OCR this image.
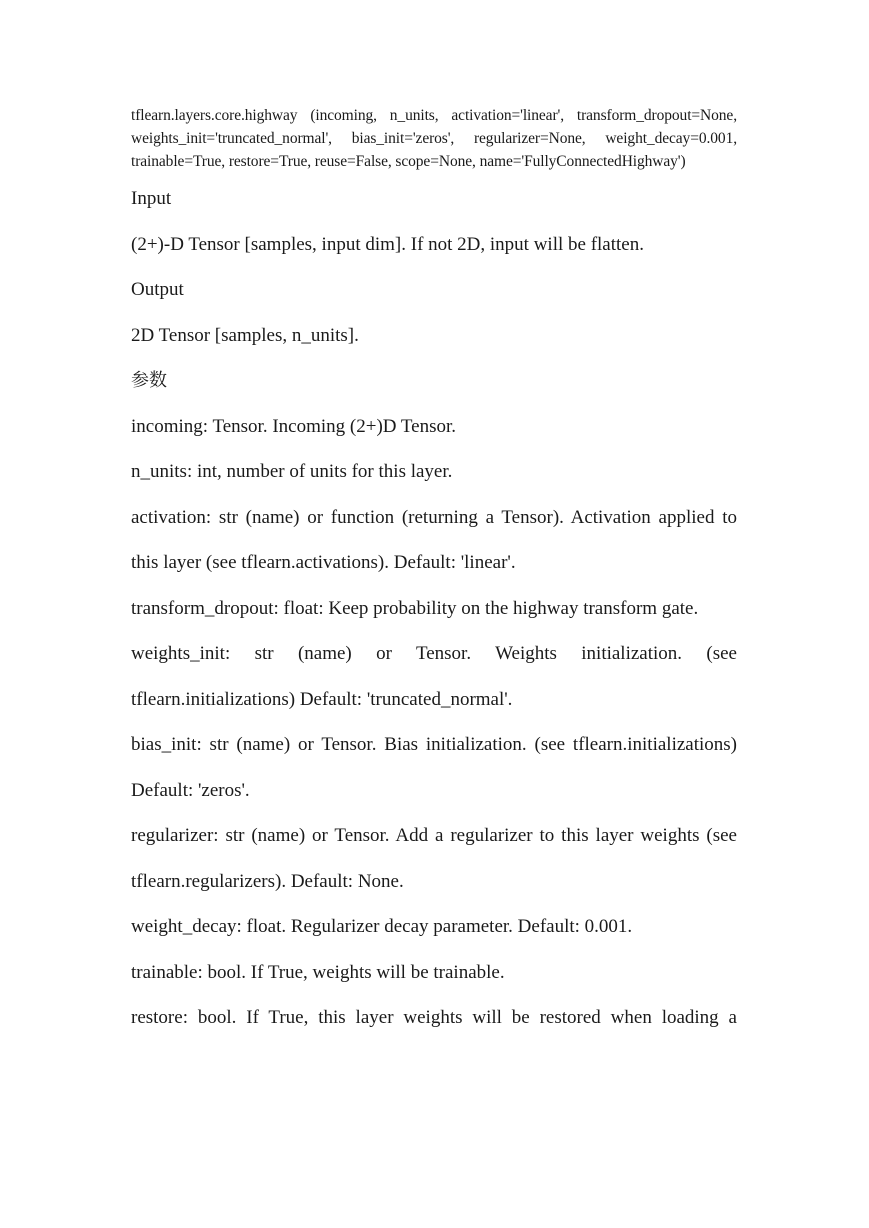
tflearn.layers.core.highway (incoming, n_units, activation='linear', transform_dropout=None, weights_init='truncated_normal', bias_init='zeros', regularizer=None, weight_decay=0.001, trainable=True, restore=True, reuse=False, scope=None, name='FullyConnectedHighway')

Input

(2+)-D Tensor [samples, input dim]. If not 2D, input will be flatten.

Output

2D Tensor [samples, n_units].

参数

incoming: Tensor. Incoming (2+)D Tensor.

n_units: int, number of units for this layer.

activation: str (name) or function (returning a Tensor). Activation applied to this layer (see tflearn.activations). Default: 'linear'.

transform_dropout: float: Keep probability on the highway transform gate.

weights_init: str (name) or Tensor. Weights initialization. (see tflearn.initializations) Default: 'truncated_normal'.

bias_init: str (name) or Tensor. Bias initialization. (see tflearn.initializations) Default: 'zeros'.

regularizer: str (name) or Tensor. Add a regularizer to this layer weights (see tflearn.regularizers). Default: None.

weight_decay: float. Regularizer decay parameter. Default: 0.001.

trainable: bool. If True, weights will be trainable.

restore: bool. If True, this layer weights will be restored when loading a
